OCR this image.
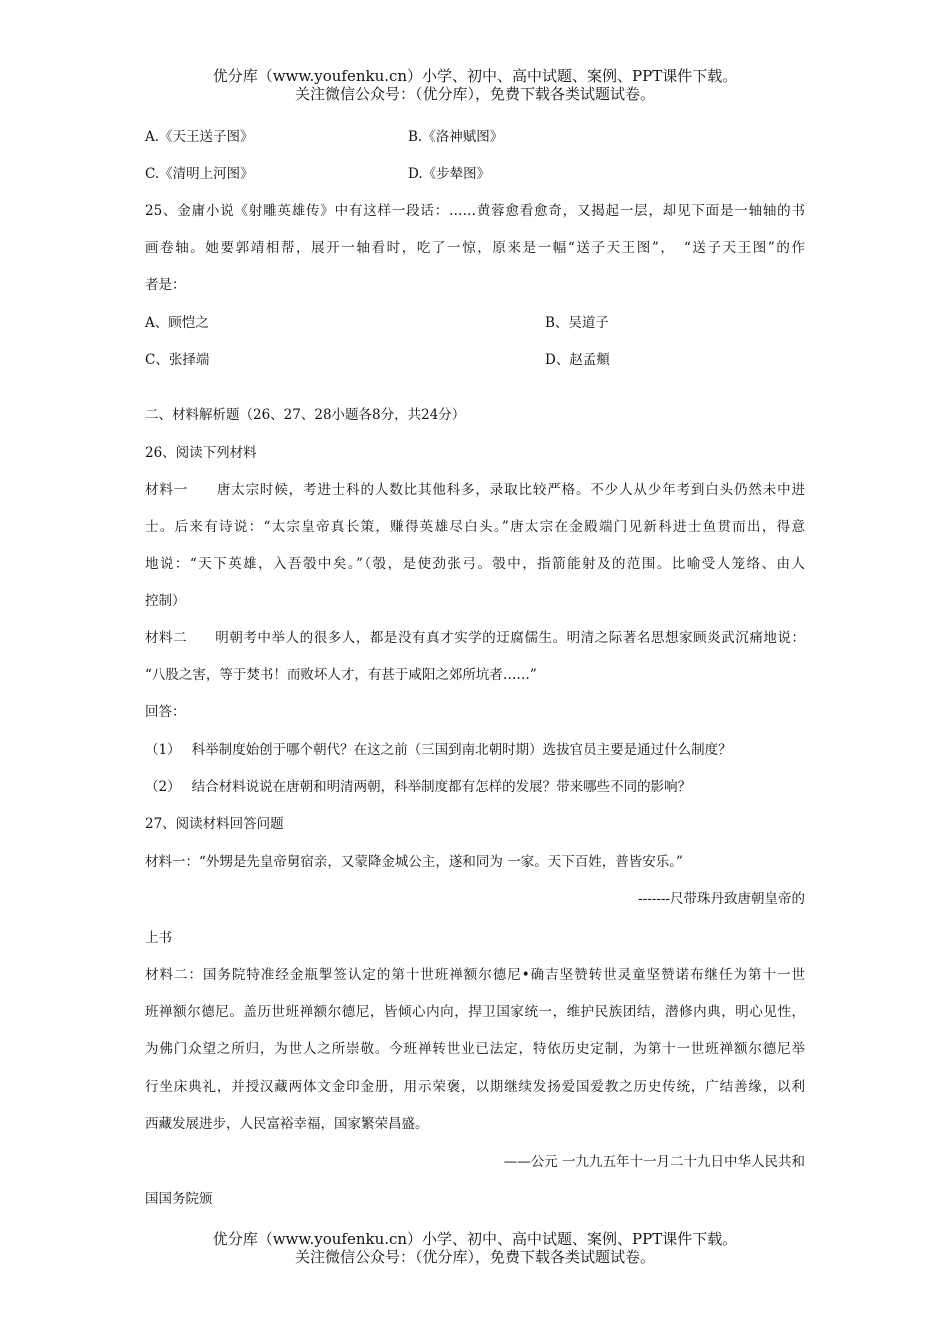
优分库（www.youfenku.cn）小学、初中、高中试题、案例、PPT课件下载。
关注微信公众号：（优分库），免费下载各类试题试卷。
A.《天王送子图》	B.《洛神赋图》
C.《清明上河图》	D.《步辇图》
25、金庸小说《射雕英雄传》中有这样一段话：……黄蓉愈看愈奇，又揭起一层，却见下面是一轴轴的书
画卷轴。她要郭靖相帮，展开一轴看时，吃了一惊，原来是一幅“送子天王图”，　“送子天王图”的作
者是：
A、顾恺之	B、吴道子
C、张择端	D、赵孟頫
二、材料解析题（26、27、28小题各8分，共24分）
26、阅读下列材料
材料一　　唐太宗时候，考进士科的人数比其他科多，录取比较严格。不少人从少年考到白头仍然未中进
士。后来有诗说：“太宗皇帝真长策，赚得英雄尽白头。”唐太宗在金殿端门见新科进士鱼贯而出，得意
地说：“天下英雄，入吾彀中矣。”（彀，是使劲张弓。彀中，指箭能射及的范围。比喻受人笼络、由人
控制）
材料二　　明朝考中举人的很多人，都是没有真才实学的迂腐儒生。明清之际著名思想家顾炎武沉痛地说：
“八股之害，等于焚书！而败坏人才，有甚于咸阳之郊所坑者……”
回答：
（1）　 科举制度始创于哪个朝代？在这之前（三国到南北朝时期）选拔官员主要是通过什么制度？
（2）　 结合材料说说在唐朝和明清两朝，科举制度都有怎样的发展？带来哪些不同的影响？
27、阅读材料回答问题
材料一：“外甥是先皇帝舅宿亲，又蒙降金城公主，遂和同为 一家。天下百姓，普皆安乐。”
-------尺带珠丹致唐朝皇帝的
上书
材料二：国务院特准经金瓶掣签认定的第十世班禅额尔德尼•确吉坚赞转世灵童坚赞诺布继任为第十一世
班禅额尔德尼。盖历世班禅额尔德尼，皆倾心内向，捍卫国家统一，维护民族团结，潜修内典，明心见性，
为佛门众望之所归，为世人之所崇敬。今班禅转世业已法定，特依历史定制，为第十一世班禅额尔德尼举
行坐床典礼，并授汉藏两体文金印金册，用示荣褒，以期继续发扬爱国爱教之历史传统，广结善缘，以利
西藏发展进步，人民富裕幸福，国家繁荣昌盛。
——公元 一九九五年十一月二十九日中华人民共和
国国务院颁
优分库（www.youfenku.cn）小学、初中、高中试题、案例、PPT课件下载。
关注微信公众号：（优分库），免费下载各类试题试卷。
